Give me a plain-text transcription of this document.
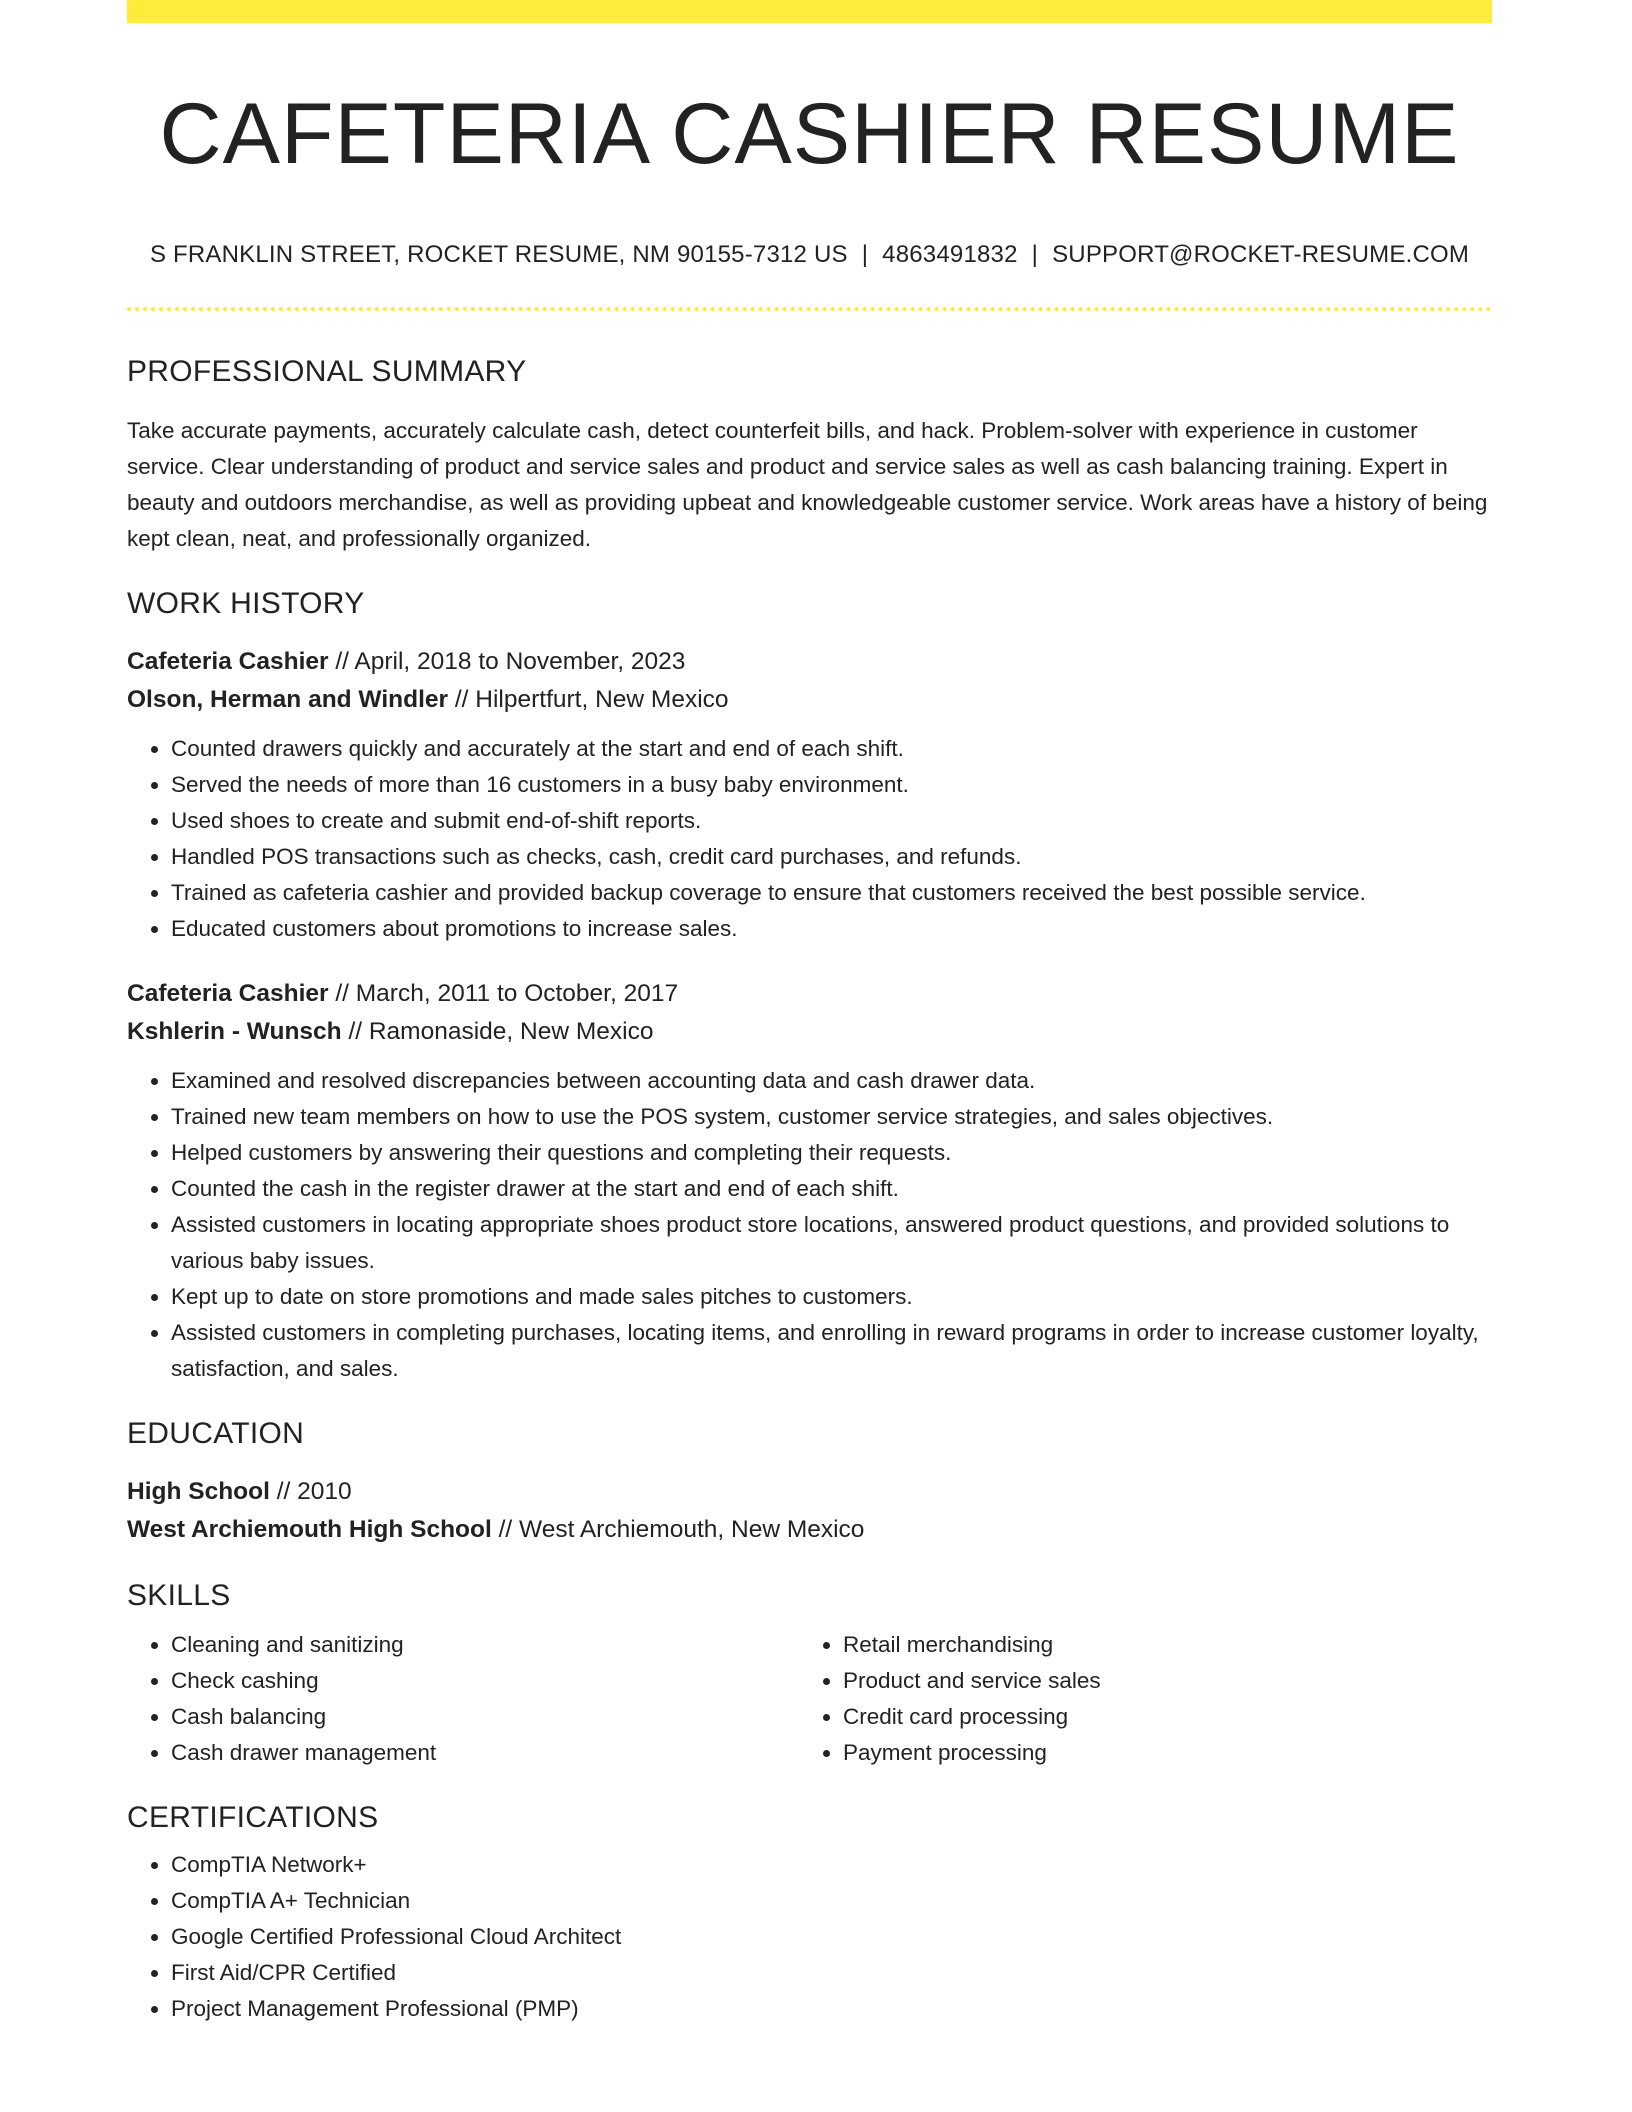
CAFETERIA CASHIER RESUME
S FRANKLIN STREET, ROCKET RESUME, NM 90155-7312 US | 4863491832 | SUPPORT@ROCKET-RESUME.COM
PROFESSIONAL SUMMARY
Take accurate payments, accurately calculate cash, detect counterfeit bills, and hack. Problem-solver with experience in customer service. Clear understanding of product and service sales and product and service sales as well as cash balancing training. Expert in beauty and outdoors merchandise, as well as providing upbeat and knowledgeable customer service. Work areas have a history of being kept clean, neat, and professionally organized.
WORK HISTORY
Cafeteria Cashier // April, 2018 to November, 2023
Olson, Herman and Windler // Hilpertfurt, New Mexico
• Counted drawers quickly and accurately at the start and end of each shift.
• Served the needs of more than 16 customers in a busy baby environment.
• Used shoes to create and submit end-of-shift reports.
• Handled POS transactions such as checks, cash, credit card purchases, and refunds.
• Trained as cafeteria cashier and provided backup coverage to ensure that customers received the best possible service.
• Educated customers about promotions to increase sales.
Cafeteria Cashier // March, 2011 to October, 2017
Kshlerin - Wunsch // Ramonaside, New Mexico
• Examined and resolved discrepancies between accounting data and cash drawer data.
• Trained new team members on how to use the POS system, customer service strategies, and sales objectives.
• Helped customers by answering their questions and completing their requests.
• Counted the cash in the register drawer at the start and end of each shift.
• Assisted customers in locating appropriate shoes product store locations, answered product questions, and provided solutions to various baby issues.
• Kept up to date on store promotions and made sales pitches to customers.
• Assisted customers in completing purchases, locating items, and enrolling in reward programs in order to increase customer loyalty, satisfaction, and sales.
EDUCATION
High School // 2010
West Archiemouth High School // West Archiemouth, New Mexico
SKILLS
• Cleaning and sanitizing
• Check cashing
• Cash balancing
• Cash drawer management
• Retail merchandising
• Product and service sales
• Credit card processing
• Payment processing
CERTIFICATIONS
• CompTIA Network+
• CompTIA A+ Technician
• Google Certified Professional Cloud Architect
• First Aid/CPR Certified
• Project Management Professional (PMP)
